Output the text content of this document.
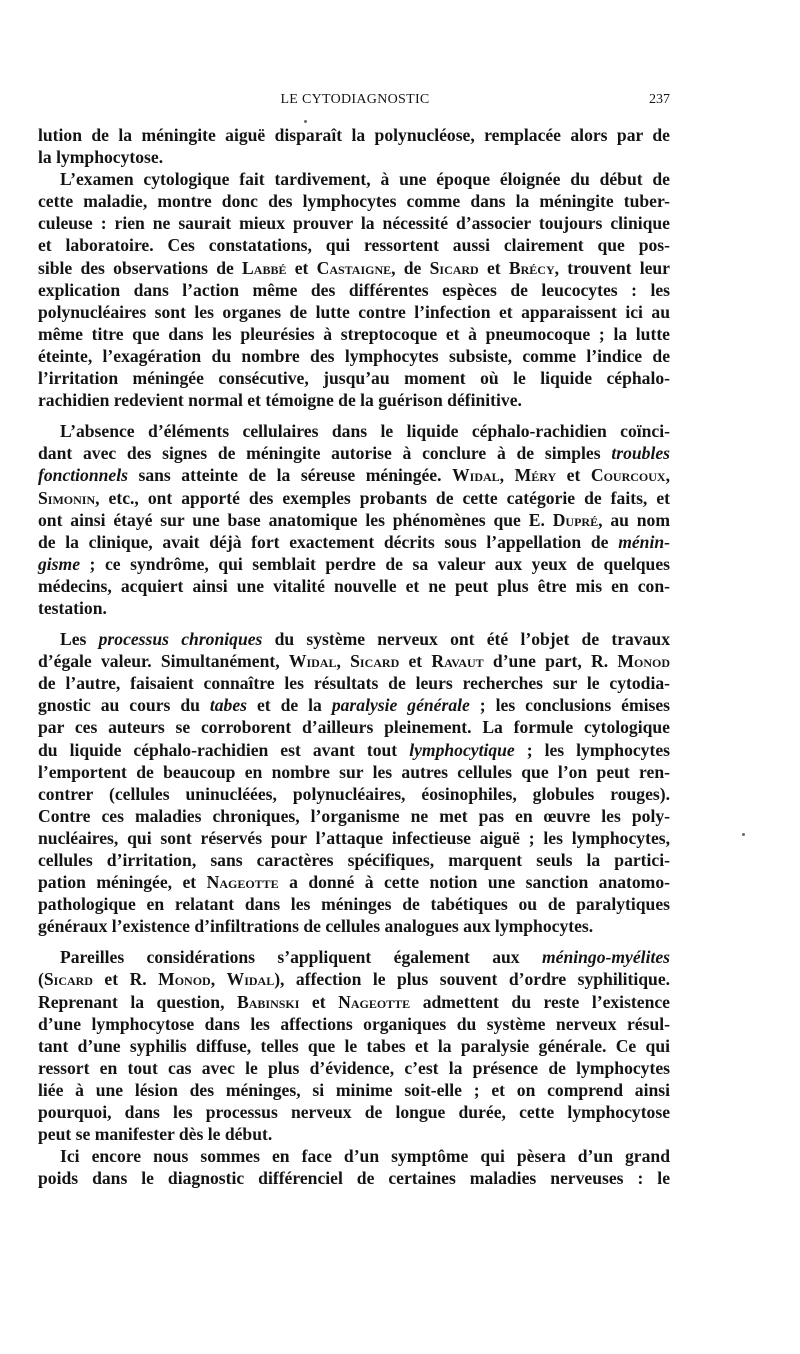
LE CYTODIAGNOSTIC	237
lution de la méningite aiguë disparaît la polynucléose, remplacée alors par de
la lymphocytose.
L’examen cytologique fait tardivement, à une époque éloignée du début de
cette maladie, montre donc des lymphocytes comme dans la méningite tuber-
culeuse : rien ne saurait mieux prouver la nécessité d’associer toujours clinique
et laboratoire. Ces constatations, qui ressortent aussi clairement que pos-
sible des observations de Labbé et Castaigne, de Sicard et Brécy, trouvent leur
explication dans l’action même des différentes espèces de leucocytes : les
polynucléaires sont les organes de lutte contre l’infection et apparaissent ici au
même titre que dans les pleurésies à streptocoque et à pneumocoque ; la lutte
éteinte, l’exagération du nombre des lymphocytes subsiste, comme l’indice de
l’irritation méningée consécutive, jusqu’au moment où le liquide céphalo-
rachidien redevient normal et témoigne de la guérison définitive.
L’absence d’éléments cellulaires dans le liquide céphalo-rachidien coïnci-
dant avec des signes de méningite autorise à conclure à de simples troubles
fonctionnels sans atteinte de la séreuse méningée. Widal, Méry et Courcoux,
Simonin, etc., ont apporté des exemples probants de cette catégorie de faits, et
ont ainsi étayé sur une base anatomique les phénomènes que E. Dupré, au nom
de la clinique, avait déjà fort exactement décrits sous l’appellation de ménin-
gisme ; ce syndrôme, qui semblait perdre de sa valeur aux yeux de quelques
médecins, acquiert ainsi une vitalité nouvelle et ne peut plus être mis en con-
testation.
Les processus chroniques du système nerveux ont été l’objet de travaux
d’égale valeur. Simultanément, Widal, Sicard et Ravaut d’une part, R. Monod
de l’autre, faisaient connaître les résultats de leurs recherches sur le cytodia-
gnostic au cours du tabes et de la paralysie générale ; les conclusions émises
par ces auteurs se corroborent d’ailleurs pleinement. La formule cytologique
du liquide céphalo-rachidien est avant tout lymphocytique ; les lymphocytes
l’emportent de beaucoup en nombre sur les autres cellules que l’on peut ren-
contrer (cellules uninucléées, polynucléaires, éosinophiles, globules rouges).
Contre ces maladies chroniques, l’organisme ne met pas en œuvre les poly-
nucléaires, qui sont réservés pour l’attaque infectieuse aiguë ; les lymphocytes,
cellules d’irritation, sans caractères spécifiques, marquent seuls la partici-
pation méningée, et Nageotte a donné à cette notion une sanction anatomo-
pathologique en relatant dans les méninges de tabétiques ou de paralytiques
généraux l’existence d’infiltrations de cellules analogues aux lymphocytes.
Pareilles considérations s’appliquent également aux méningo-myélites
(Sicard et R. Monod, Widal), affection le plus souvent d’ordre syphilitique.
Reprenant la question, Babinski et Nageotte admettent du reste l’existence
d’une lymphocytose dans les affections organiques du système nerveux résul-
tant d’une syphilis diffuse, telles que le tabes et la paralysie générale. Ce qui
ressort en tout cas avec le plus d’évidence, c’est la présence de lymphocytes
liée à une lésion des méninges, si minime soit-elle ; et on comprend ainsi
pourquoi, dans les processus nerveux de longue durée, cette lymphocytose
peut se manifester dès le début.
Ici encore nous sommes en face d’un symptôme qui pèsera d’un grand
poids dans le diagnostic différenciel de certaines maladies nerveuses : le
